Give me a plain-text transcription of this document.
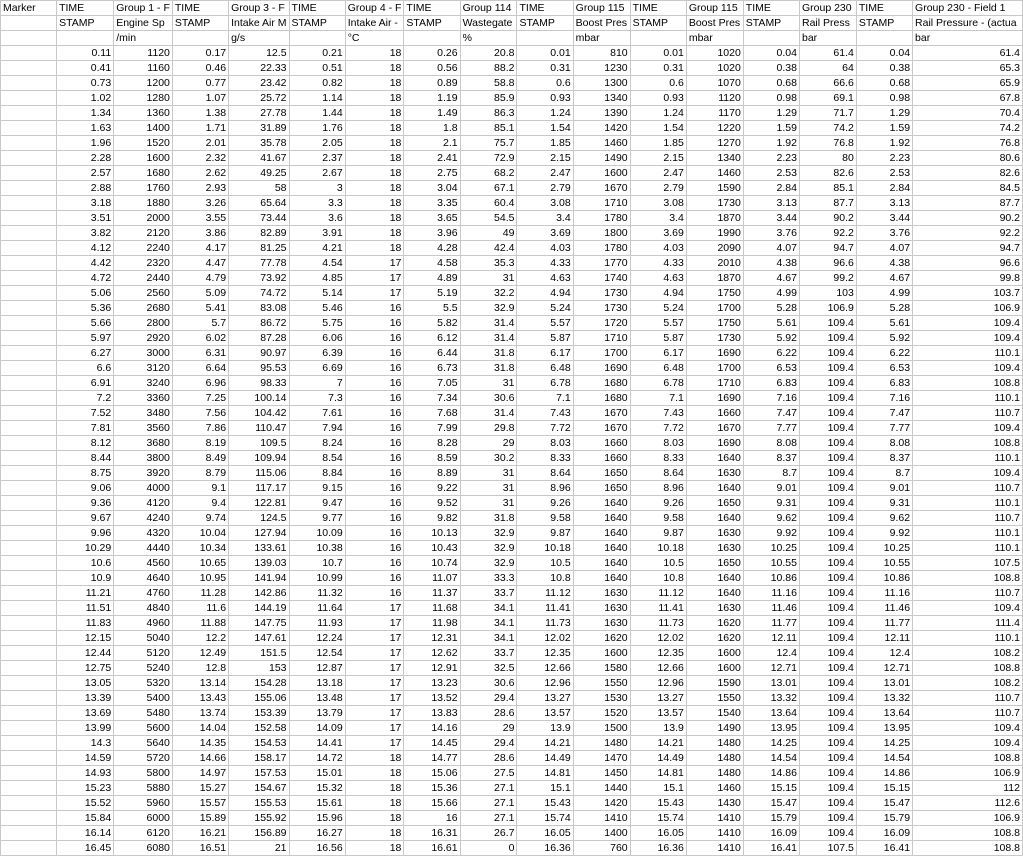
Marker	TIME	Group 1 - F	TIME	Group 3 - F	TIME	Group 4 - F	TIME	Group 114	TIME	Group 115	TIME	Group 115	TIME	Group 230	TIME	Group 230 - Field 1
	STAMP	Engine Sp	STAMP	Intake Air M	STAMP	Intake Air -	STAMP	Wastegate	STAMP	Boost Pres	STAMP	Boost Pres	STAMP	Rail Press	STAMP	Rail Pressure - (actua
		/min		g/s		°C		%		mbar		mbar		bar		bar
	0.11	1120	0.17	12.5	0.21	18	0.26	20.8	0.01	810	0.01	1020	0.04	61.4	0.04	61.4
	0.41	1160	0.46	22.33	0.51	18	0.56	88.2	0.31	1230	0.31	1020	0.38	64	0.38	65.3
	0.73	1200	0.77	23.42	0.82	18	0.89	58.8	0.6	1300	0.6	1070	0.68	66.6	0.68	65.9
	1.02	1280	1.07	25.72	1.14	18	1.19	85.9	0.93	1340	0.93	1120	0.98	69.1	0.98	67.8
	1.34	1360	1.38	27.78	1.44	18	1.49	86.3	1.24	1390	1.24	1170	1.29	71.7	1.29	70.4
	1.63	1400	1.71	31.89	1.76	18	1.8	85.1	1.54	1420	1.54	1220	1.59	74.2	1.59	74.2
	1.96	1520	2.01	35.78	2.05	18	2.1	75.7	1.85	1460	1.85	1270	1.92	76.8	1.92	76.8
	2.28	1600	2.32	41.67	2.37	18	2.41	72.9	2.15	1490	2.15	1340	2.23	80	2.23	80.6
	2.57	1680	2.62	49.25	2.67	18	2.75	68.2	2.47	1600	2.47	1460	2.53	82.6	2.53	82.6
	2.88	1760	2.93	58	3	18	3.04	67.1	2.79	1670	2.79	1590	2.84	85.1	2.84	84.5
	3.18	1880	3.26	65.64	3.3	18	3.35	60.4	3.08	1710	3.08	1730	3.13	87.7	3.13	87.7
	3.51	2000	3.55	73.44	3.6	18	3.65	54.5	3.4	1780	3.4	1870	3.44	90.2	3.44	90.2
	3.82	2120	3.86	82.89	3.91	18	3.96	49	3.69	1800	3.69	1990	3.76	92.2	3.76	92.2
	4.12	2240	4.17	81.25	4.21	18	4.28	42.4	4.03	1780	4.03	2090	4.07	94.7	4.07	94.7
	4.42	2320	4.47	77.78	4.54	17	4.58	35.3	4.33	1770	4.33	2010	4.38	96.6	4.38	96.6
	4.72	2440	4.79	73.92	4.85	17	4.89	31	4.63	1740	4.63	1870	4.67	99.2	4.67	99.8
	5.06	2560	5.09	74.72	5.14	17	5.19	32.2	4.94	1730	4.94	1750	4.99	103	4.99	103.7
	5.36	2680	5.41	83.08	5.46	16	5.5	32.9	5.24	1730	5.24	1700	5.28	106.9	5.28	106.9
	5.66	2800	5.7	86.72	5.75	16	5.82	31.4	5.57	1720	5.57	1750	5.61	109.4	5.61	109.4
	5.97	2920	6.02	87.28	6.06	16	6.12	31.4	5.87	1710	5.87	1730	5.92	109.4	5.92	109.4
	6.27	3000	6.31	90.97	6.39	16	6.44	31.8	6.17	1700	6.17	1690	6.22	109.4	6.22	110.1
	6.6	3120	6.64	95.53	6.69	16	6.73	31.8	6.48	1690	6.48	1700	6.53	109.4	6.53	109.4
	6.91	3240	6.96	98.33	7	16	7.05	31	6.78	1680	6.78	1710	6.83	109.4	6.83	108.8
	7.2	3360	7.25	100.14	7.3	16	7.34	30.6	7.1	1680	7.1	1690	7.16	109.4	7.16	110.1
	7.52	3480	7.56	104.42	7.61	16	7.68	31.4	7.43	1670	7.43	1660	7.47	109.4	7.47	110.7
	7.81	3560	7.86	110.47	7.94	16	7.99	29.8	7.72	1670	7.72	1670	7.77	109.4	7.77	109.4
	8.12	3680	8.19	109.5	8.24	16	8.28	29	8.03	1660	8.03	1690	8.08	109.4	8.08	108.8
	8.44	3800	8.49	109.94	8.54	16	8.59	30.2	8.33	1660	8.33	1640	8.37	109.4	8.37	110.1
	8.75	3920	8.79	115.06	8.84	16	8.89	31	8.64	1650	8.64	1630	8.7	109.4	8.7	109.4
	9.06	4000	9.1	117.17	9.15	16	9.22	31	8.96	1650	8.96	1640	9.01	109.4	9.01	110.7
	9.36	4120	9.4	122.81	9.47	16	9.52	31	9.26	1640	9.26	1650	9.31	109.4	9.31	110.1
	9.67	4240	9.74	124.5	9.77	16	9.82	31.8	9.58	1640	9.58	1640	9.62	109.4	9.62	110.7
	9.96	4320	10.04	127.94	10.09	16	10.13	32.9	9.87	1640	9.87	1630	9.92	109.4	9.92	110.1
	10.29	4440	10.34	133.61	10.38	16	10.43	32.9	10.18	1640	10.18	1630	10.25	109.4	10.25	110.1
	10.6	4560	10.65	139.03	10.7	16	10.74	32.9	10.5	1640	10.5	1650	10.55	109.4	10.55	107.5
	10.9	4640	10.95	141.94	10.99	16	11.07	33.3	10.8	1640	10.8	1640	10.86	109.4	10.86	108.8
	11.21	4760	11.28	142.86	11.32	16	11.37	33.7	11.12	1630	11.12	1640	11.16	109.4	11.16	110.7
	11.51	4840	11.6	144.19	11.64	17	11.68	34.1	11.41	1630	11.41	1630	11.46	109.4	11.46	109.4
	11.83	4960	11.88	147.75	11.93	17	11.98	34.1	11.73	1630	11.73	1620	11.77	109.4	11.77	111.4
	12.15	5040	12.2	147.61	12.24	17	12.31	34.1	12.02	1620	12.02	1620	12.11	109.4	12.11	110.1
	12.44	5120	12.49	151.5	12.54	17	12.62	33.7	12.35	1600	12.35	1600	12.4	109.4	12.4	108.2
	12.75	5240	12.8	153	12.87	17	12.91	32.5	12.66	1580	12.66	1600	12.71	109.4	12.71	108.8
	13.05	5320	13.14	154.28	13.18	17	13.23	30.6	12.96	1550	12.96	1590	13.01	109.4	13.01	108.2
	13.39	5400	13.43	155.06	13.48	17	13.52	29.4	13.27	1530	13.27	1550	13.32	109.4	13.32	110.7
	13.69	5480	13.74	153.39	13.79	17	13.83	28.6	13.57	1520	13.57	1540	13.64	109.4	13.64	110.7
	13.99	5600	14.04	152.58	14.09	17	14.16	29	13.9	1500	13.9	1490	13.95	109.4	13.95	109.4
	14.3	5640	14.35	154.53	14.41	17	14.45	29.4	14.21	1480	14.21	1480	14.25	109.4	14.25	109.4
	14.59	5720	14.66	158.17	14.72	18	14.77	28.6	14.49	1470	14.49	1480	14.54	109.4	14.54	108.8
	14.93	5800	14.97	157.53	15.01	18	15.06	27.5	14.81	1450	14.81	1480	14.86	109.4	14.86	106.9
	15.23	5880	15.27	154.67	15.32	18	15.36	27.1	15.1	1440	15.1	1460	15.15	109.4	15.15	112
	15.52	5960	15.57	155.53	15.61	18	15.66	27.1	15.43	1420	15.43	1430	15.47	109.4	15.47	112.6
	15.84	6000	15.89	155.92	15.96	18	16	27.1	15.74	1410	15.74	1410	15.79	109.4	15.79	106.9
	16.14	6120	16.21	156.89	16.27	18	16.31	26.7	16.05	1400	16.05	1410	16.09	109.4	16.09	108.8
	16.45	6080	16.51	21	16.56	18	16.61	0	16.36	760	16.36	1410	16.41	107.5	16.41	108.8
